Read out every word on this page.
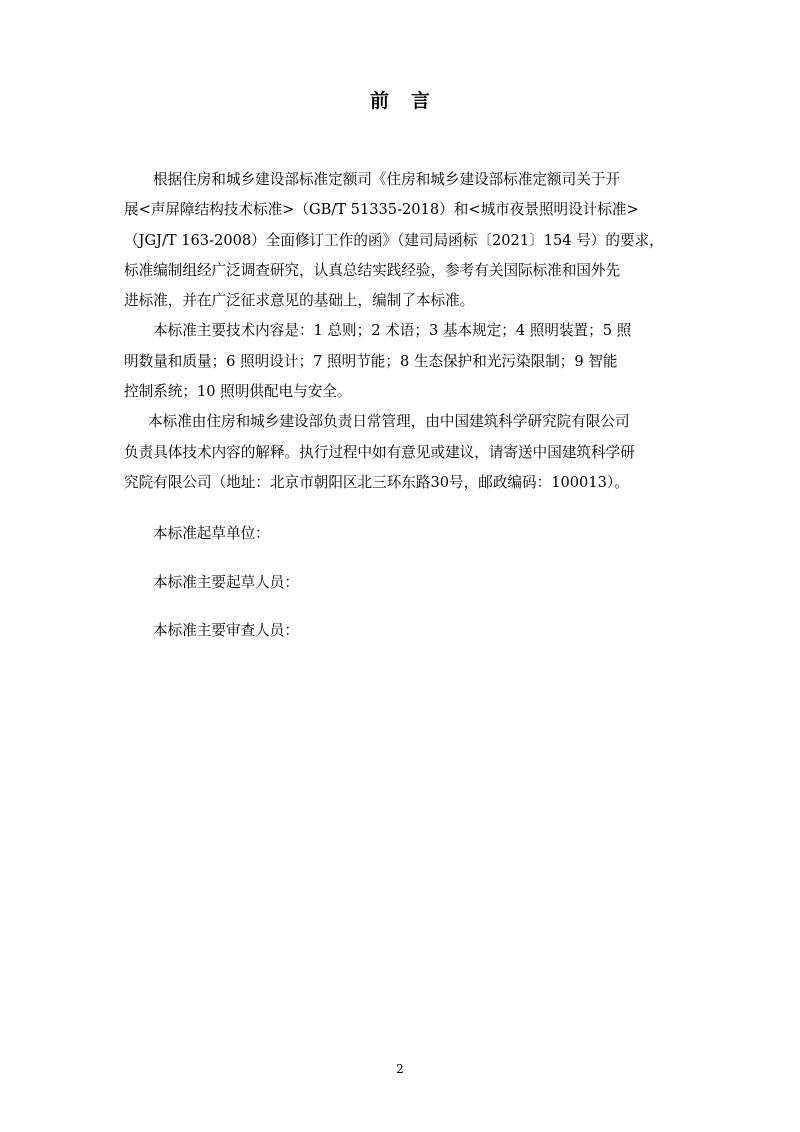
前 言
根据住房和城乡建设部标准定额司《住房和城乡建设部标准定额司关于开
展<声屏障结构技术标准>（GB/T 51335-2018）和<城市夜景照明设计标准>
（JGJ/T 163-2008）全面修订工作的函》（建司局函标〔2021〕154 号）的要求，
标准编制组经广泛调查研究，认真总结实践经验，参考有关国际标准和国外先
进标准，并在广泛征求意见的基础上，编制了本标准。
本标准主要技术内容是：1 总则；2 术语；3 基本规定；4 照明装置；5 照
明数量和质量；6 照明设计；7 照明节能；8 生态保护和光污染限制；9 智能
控制系统；10 照明供配电与安全。
本标准由住房和城乡建设部负责日常管理，由中国建筑科学研究院有限公司
负责具体技术内容的解释。执行过程中如有意见或建议，请寄送中国建筑科学研
究院有限公司（地址：北京市朝阳区北三环东路30号，邮政编码：100013）。

本标准起草单位：

本标准主要起草人员：

本标准主要审查人员：

2
